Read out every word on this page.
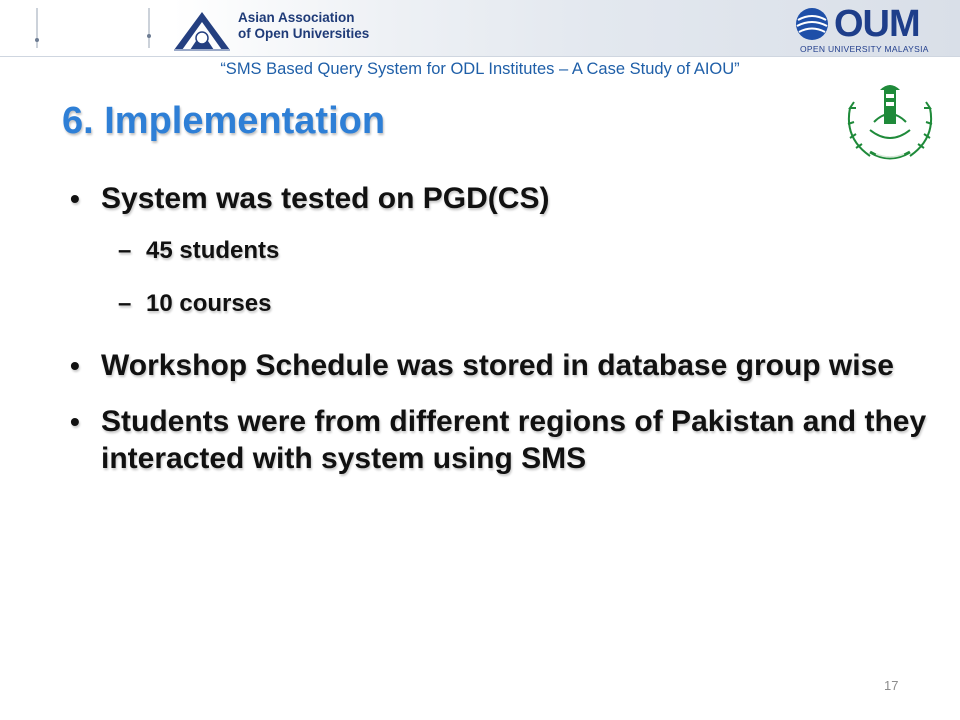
Asian Association
of Open Universities	OUM
OPEN UNIVERSITY MALAYSIA
“SMS Based Query System for ODL Institutes – A Case Study of AIOU”
6. Implementation
• System was tested on PGD(CS)
– 45 students
– 10 courses
• Workshop Schedule was stored in database group wise
• Students were from different regions of Pakistan and they interacted with system using SMS
17
